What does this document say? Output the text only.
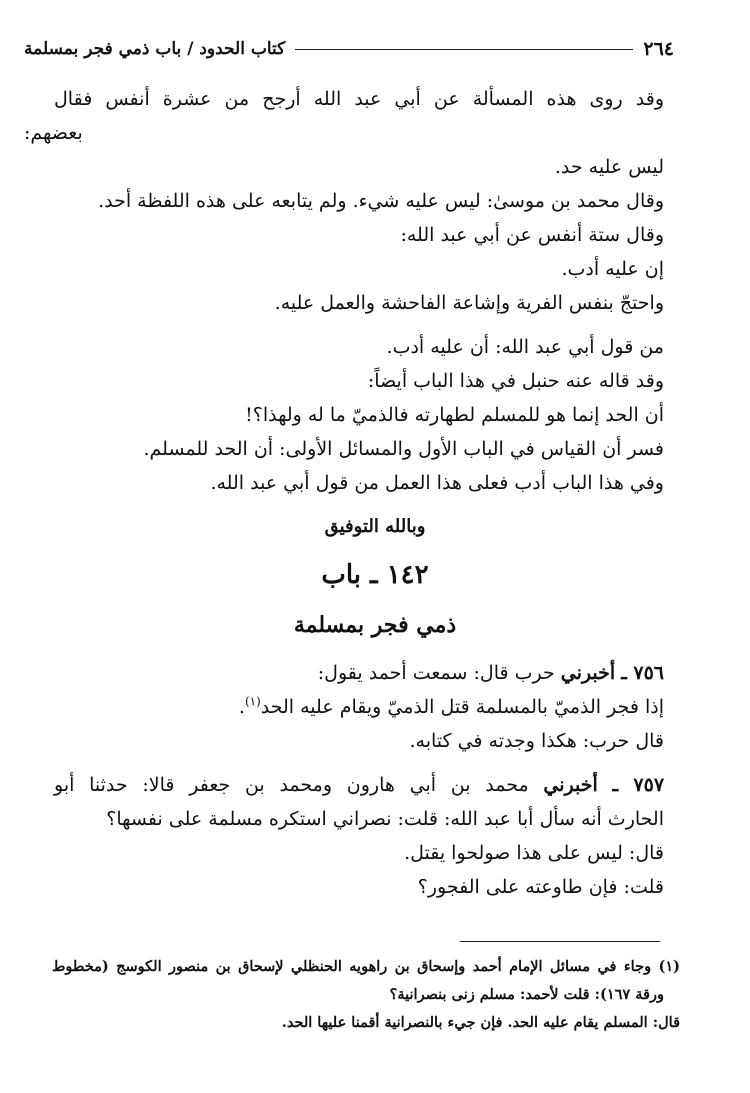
٢٦٤
كتاب الحدود / باب ذمي فجر بمسلمة
وقد روى هذه المسألة عن أبي عبد الله أرجح من عشرة أنفس فقال
بعضهم:
ليس عليه حد.
وقال محمد بن موسىٰ: ليس عليه شيء. ولم يتابعه على هذه اللفظة أحد.
وقال ستة أنفس عن أبي عبد الله:
إن عليه أدب.
واحتجّ بنفس الفرية وإشاعة الفاحشة والعمل عليه.
من قول أبي عبد الله: أن عليه أدب.
وقد قاله عنه حنبل في هذا الباب أيضاً:
أن الحد إنما هو للمسلم لطهارته فالذميّ ما له ولهذا؟!
فسر أن القياس في الباب الأول والمسائل الأولى: أن الحد للمسلم.
وفي هذا الباب أدب فعلى هذا العمل من قول أبي عبد الله.
وبالله التوفيق
١٤٢ ـ باب
ذمي فجر بمسلمة
٧٥٦ ـ أخبرني حرب قال: سمعت أحمد يقول:
إذا فجر الذميّ بالمسلمة قتل الذميّ ويقام عليه الحد$^{(١)}$.
قال حرب: هكذا وجدته في كتابه.
٧٥٧ ـ أخبرني محمد بن أبي هارون ومحمد بن جعفر قالا: حدثنا أبو
الحارث أنه سأل أبا عبد الله: قلت: نصراني استكره مسلمة على نفسها؟
قال: ليس على هذا صولحوا يقتل.
قلت: فإن طاوعته على الفجور؟
(١) وجاء في مسائل الإمام أحمد وإسحاق بن راهويه الحنظلي لإسحاق بن منصور الكوسج (مخطوط
ورقة ١٦٧): قلت لأحمد: مسلم زنى بنصرانية؟
قال: المسلم يقام عليه الحد. فإن جيء بالنصرانية أقمنا عليها الحد.
